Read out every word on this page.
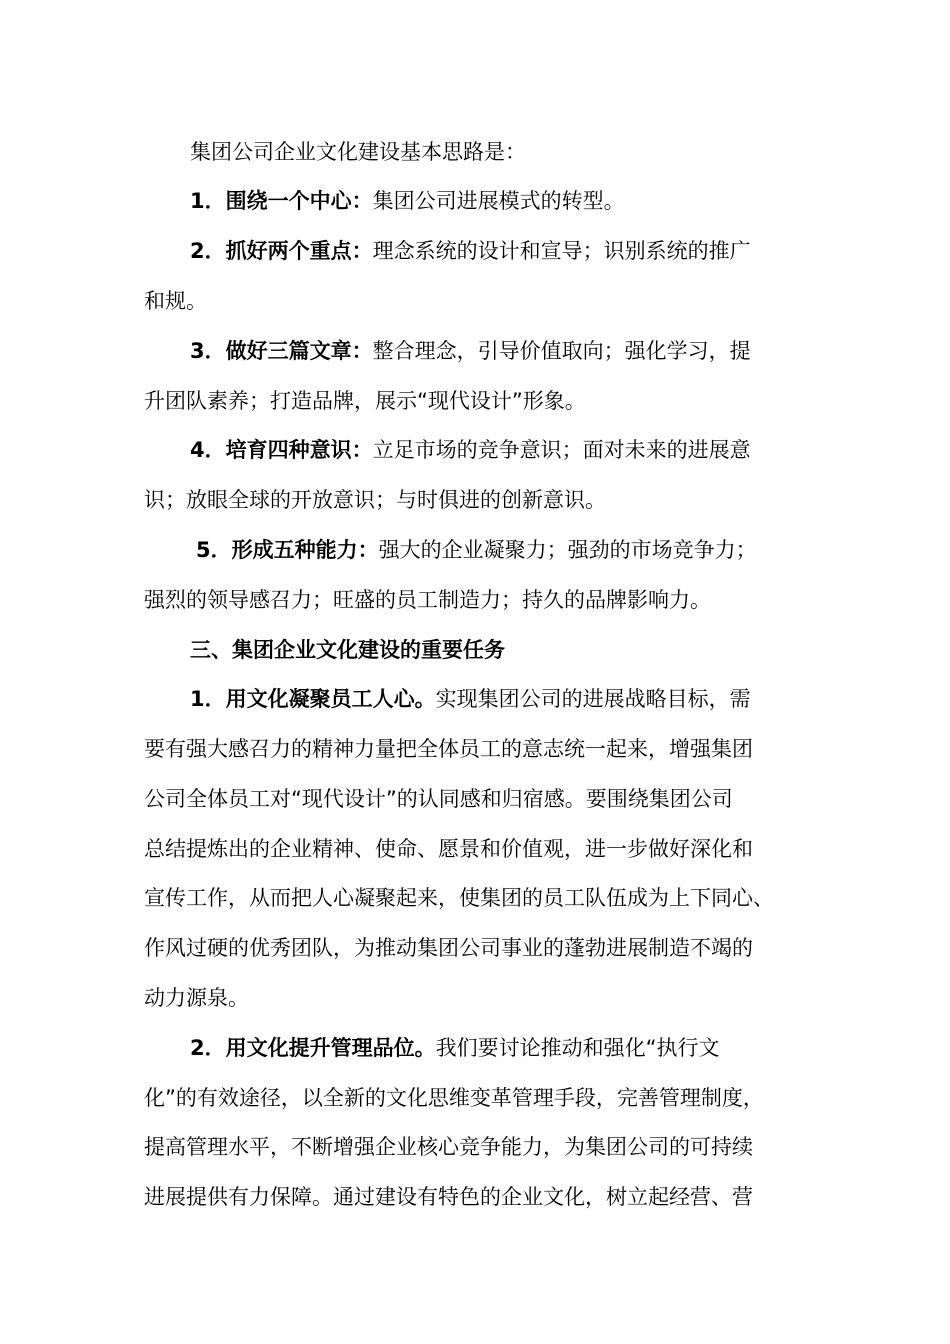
集团公司企业文化建设基本思路是：
1．围绕一个中心：集团公司进展模式的转型。
2．抓好两个重点：理念系统的设计和宣导；识别系统的推广
和规。
3．做好三篇文章：整合理念，引导价值取向；强化学习，提
升团队素养；打造品牌，展示“现代设计”形象。
4．培育四种意识：立足市场的竞争意识；面对未来的进展意
识；放眼全球的开放意识；与时俱进的创新意识。
5．形成五种能力：强大的企业凝聚力；强劲的市场竞争力；
强烈的领导感召力；旺盛的员工制造力；持久的品牌影响力。
三、集团企业文化建设的重要任务
1．用文化凝聚员工人心。实现集团公司的进展战略目标，需
要有强大感召力的精神力量把全体员工的意志统一起来，增强集团
公司全体员工对“现代设计”的认同感和归宿感。要围绕集团公司
总结提炼出的企业精神、使命、愿景和价值观，进一步做好深化和
宣传工作，从而把人心凝聚起来，使集团的员工队伍成为上下同心、
作风过硬的优秀团队，为推动集团公司事业的蓬勃进展制造不竭的
动力源泉。
2．用文化提升管理品位。我们要讨论推动和强化“执行文
化”的有效途径，以全新的文化思维变革管理手段，完善管理制度，
提高管理水平，不断增强企业核心竞争能力，为集团公司的可持续
进展提供有力保障。通过建设有特色的企业文化，树立起经营、营
